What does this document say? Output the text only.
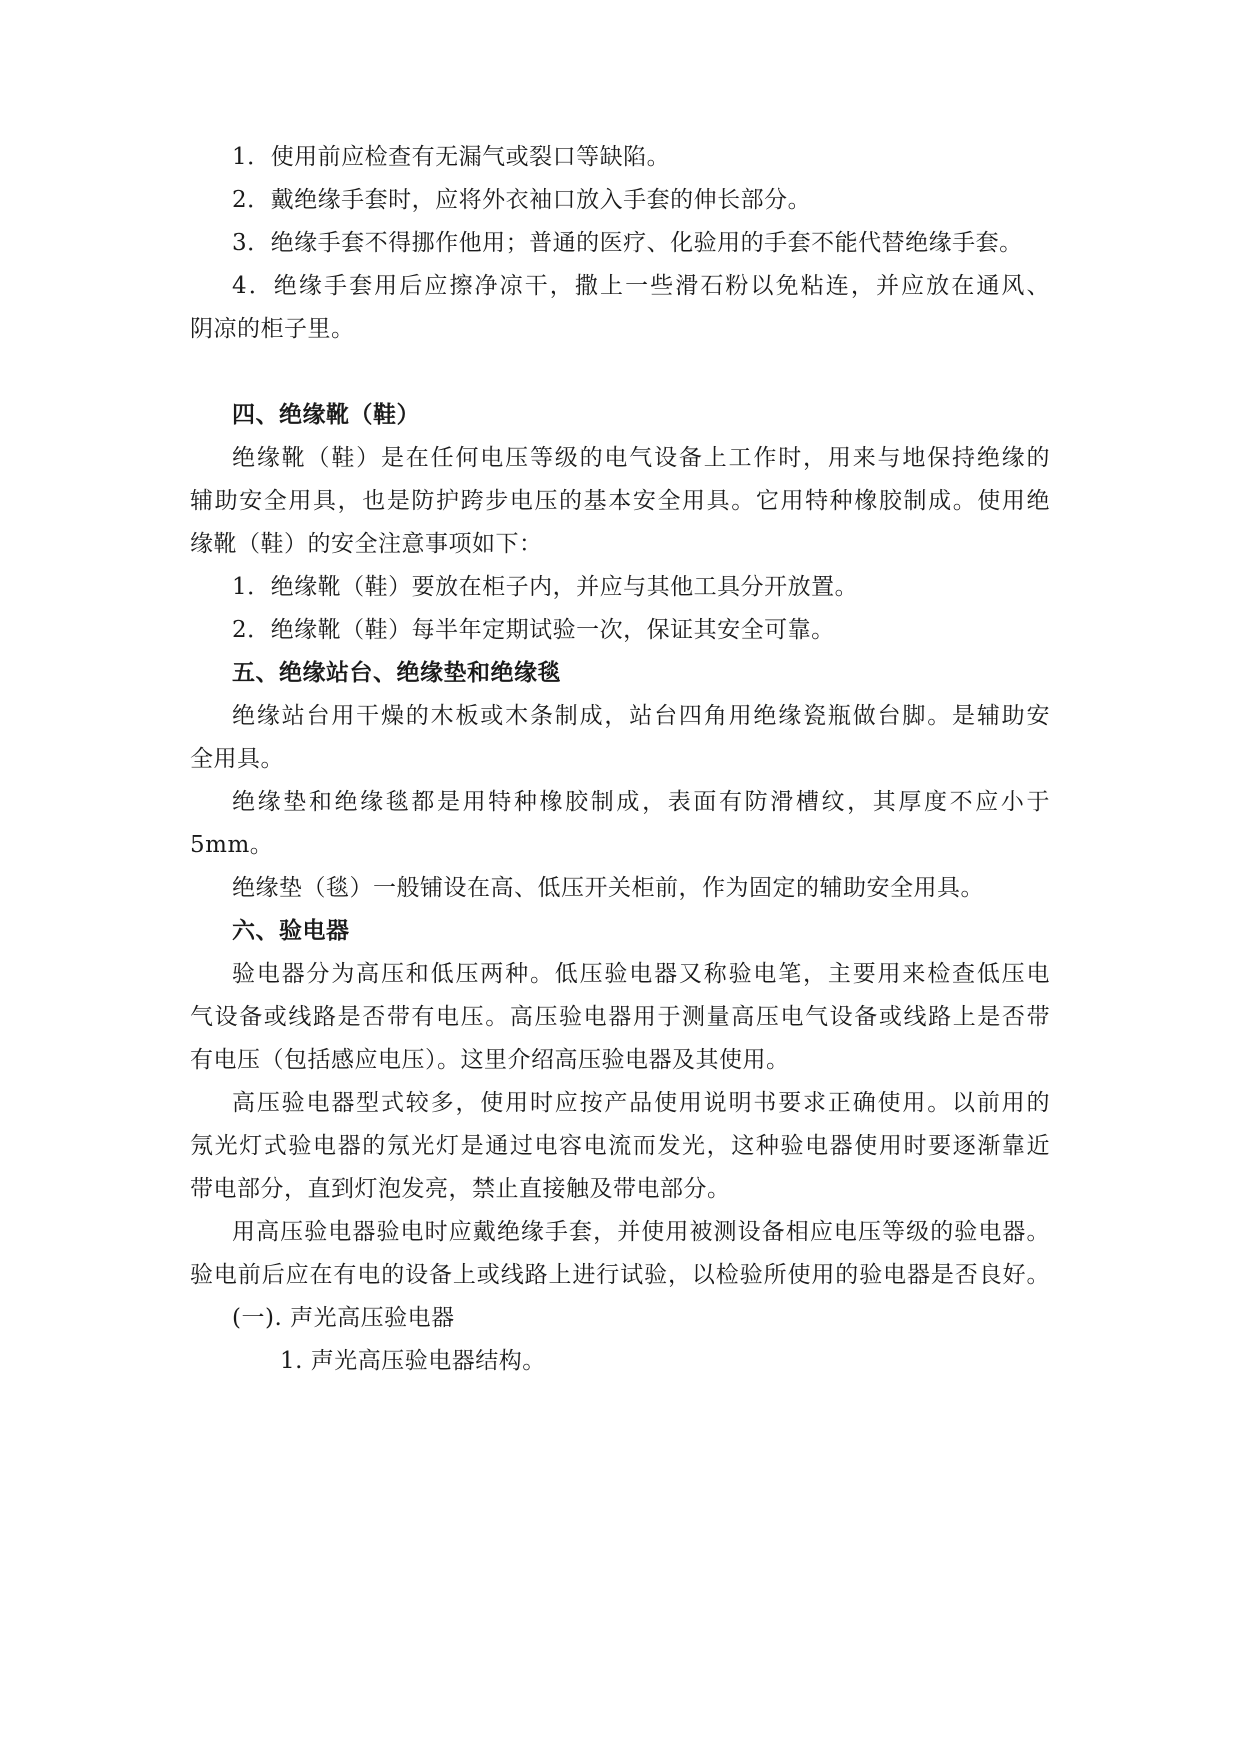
1．使用前应检查有无漏气或裂口等缺陷。
2．戴绝缘手套时，应将外衣袖口放入手套的伸长部分。
3．绝缘手套不得挪作他用；普通的医疗、化验用的手套不能代替绝缘手套。
4．绝缘手套用后应擦净凉干，撒上一些滑石粉以免粘连，并应放在通风、
阴凉的柜子里。
四、绝缘靴（鞋）
绝缘靴（鞋）是在任何电压等级的电气设备上工作时，用来与地保持绝缘的
辅助安全用具，也是防护跨步电压的基本安全用具。它用特种橡胶制成。使用绝
缘靴（鞋）的安全注意事项如下：
1．绝缘靴（鞋）要放在柜子内，并应与其他工具分开放置。
2．绝缘靴（鞋）每半年定期试验一次，保证其安全可靠。
五、绝缘站台、绝缘垫和绝缘毯
绝缘站台用干燥的木板或木条制成，站台四角用绝缘瓷瓶做台脚。是辅助安
全用具。
绝缘垫和绝缘毯都是用特种橡胶制成，表面有防滑槽纹，其厚度不应小于
5mm。
绝缘垫（毯）一般铺设在高、低压开关柜前，作为固定的辅助安全用具。
六、验电器
验电器分为高压和低压两种。低压验电器又称验电笔，主要用来检查低压电
气设备或线路是否带有电压。高压验电器用于测量高压电气设备或线路上是否带
有电压（包括感应电压）。这里介绍高压验电器及其使用。
高压验电器型式较多，使用时应按产品使用说明书要求正确使用。以前用的
氖光灯式验电器的氖光灯是通过电容电流而发光，这种验电器使用时要逐渐靠近
带电部分，直到灯泡发亮，禁止直接触及带电部分。
用高压验电器验电时应戴绝缘手套，并使用被测设备相应电压等级的验电器。
验电前后应在有电的设备上或线路上进行试验，以检验所使用的验电器是否良好。
(一). 声光高压验电器
1. 声光高压验电器结构。
